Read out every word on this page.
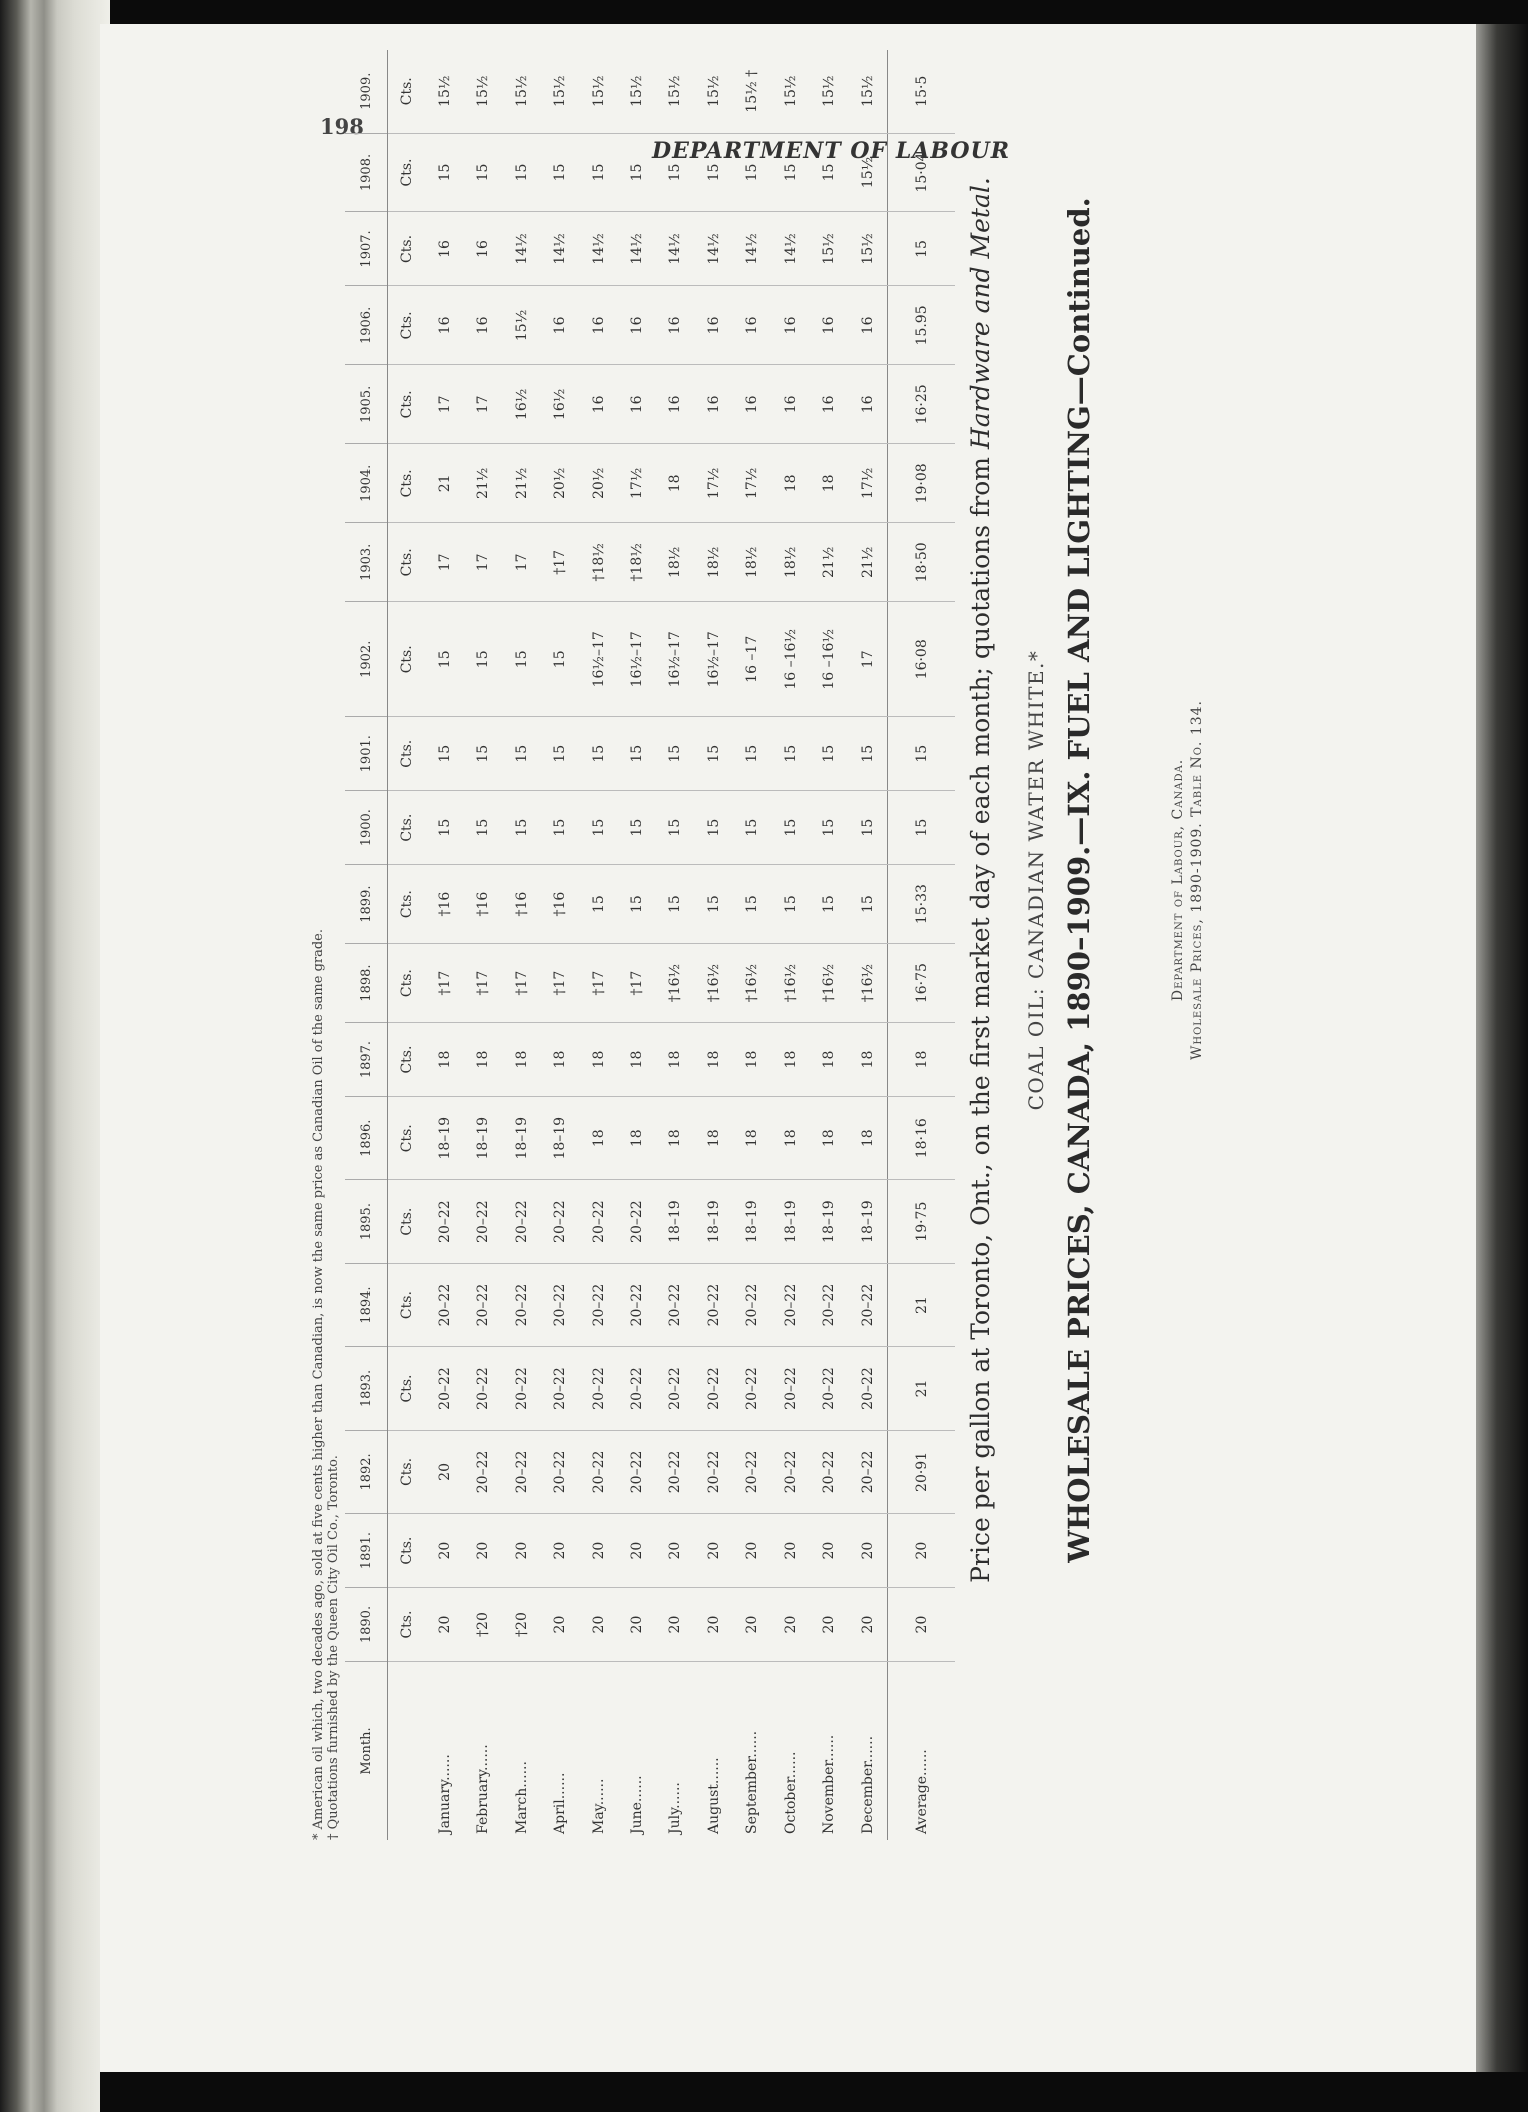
198
DEPARTMENT OF LABOUR
Department of Labour, Canada. Wholesale Prices, 1890-1909. Table No. 134.
WHOLESALE PRICES, CANADA, 1890–1909.—IX. FUEL AND LIGHTING—Continued.
COAL OIL: CANADIAN WATER WHITE.*
Price per gallon at Toronto, Ont., on the first market day of each month; quotations from Hardware and Metal.
Month.	1890.	1891.	1892.	1893.	1894.	1895.	1896.	1897.	1898.	1899.	1900.	1901.	1902.	1903.	1904.	1905.	1906.	1907.	1908.	1909.
	Cts.	Cts.	Cts.	Cts.	Cts.	Cts.	Cts.	Cts.	Cts.	Cts.	Cts.	Cts.	Cts.	Cts.	Cts.	Cts.	Cts.	Cts.	Cts.	Cts.
January......	20	20	20	20–22	20–22	20–22	18–19	18	†17	†16	15	15	15	17	21	17	16	16	15	15½
February......	†20	20	20–22	20–22	20–22	20–22	18–19	18	†17	†16	15	15	15	17	21½	17	16	16	15	15½
March......	†20	20	20–22	20–22	20–22	20–22	18–19	18	†17	†16	15	15	15	17	21½	16½	15½	14½	15	15½
April......	20	20	20–22	20–22	20–22	20–22	18–19	18	†17	†16	15	15	15	†17	20½	16½	16	14½	15	15½
May......	20	20	20–22	20–22	20–22	20–22	18	18	†17	15	15	15	16½–17	†18½	20½	16	16	14½	15	15½
June......	20	20	20–22	20–22	20–22	20–22	18	18	†17	15	15	15	16½–17	†18½	17½	16	16	14½	15	15½
July......	20	20	20–22	20–22	20–22	18–19	18	18	†16½	15	15	15	16½–17	18½	18	16	16	14½	15	15½
August......	20	20	20–22	20–22	20–22	18–19	18	18	†16½	15	15	15	16½–17	18½	17½	16	16	14½	15	15½
September......	20	20	20–22	20–22	20–22	18–19	18	18	†16½	15	15	15	16 –17	18½	17½	16	16	14½	15	15½ †
October......	20	20	20–22	20–22	20–22	18–19	18	18	†16½	15	15	15	16 –16½	18½	18	16	16	14½	15	15½
November......	20	20	20–22	20–22	20–22	18–19	18	18	†16½	15	15	15	16 –16½	21½	18	16	16	15½	15	15½
December......	20	20	20–22	20–22	20–22	18–19	18	18	†16½	15	15	15	17	21½	17½	16	16	15½	15½	15½
Average......	20	20	20·91	21	21	19·75	18·16	18	16·75	15·33	15	15	16·08	18·50	19·08	16·25	15.95	15	15·04	15·5
† Quotations furnished by the Queen City Oil Co., Toronto.
* American oil which, two decades ago, sold at five cents higher than Canadian, is now the same price as Canadian Oil of the same grade.
